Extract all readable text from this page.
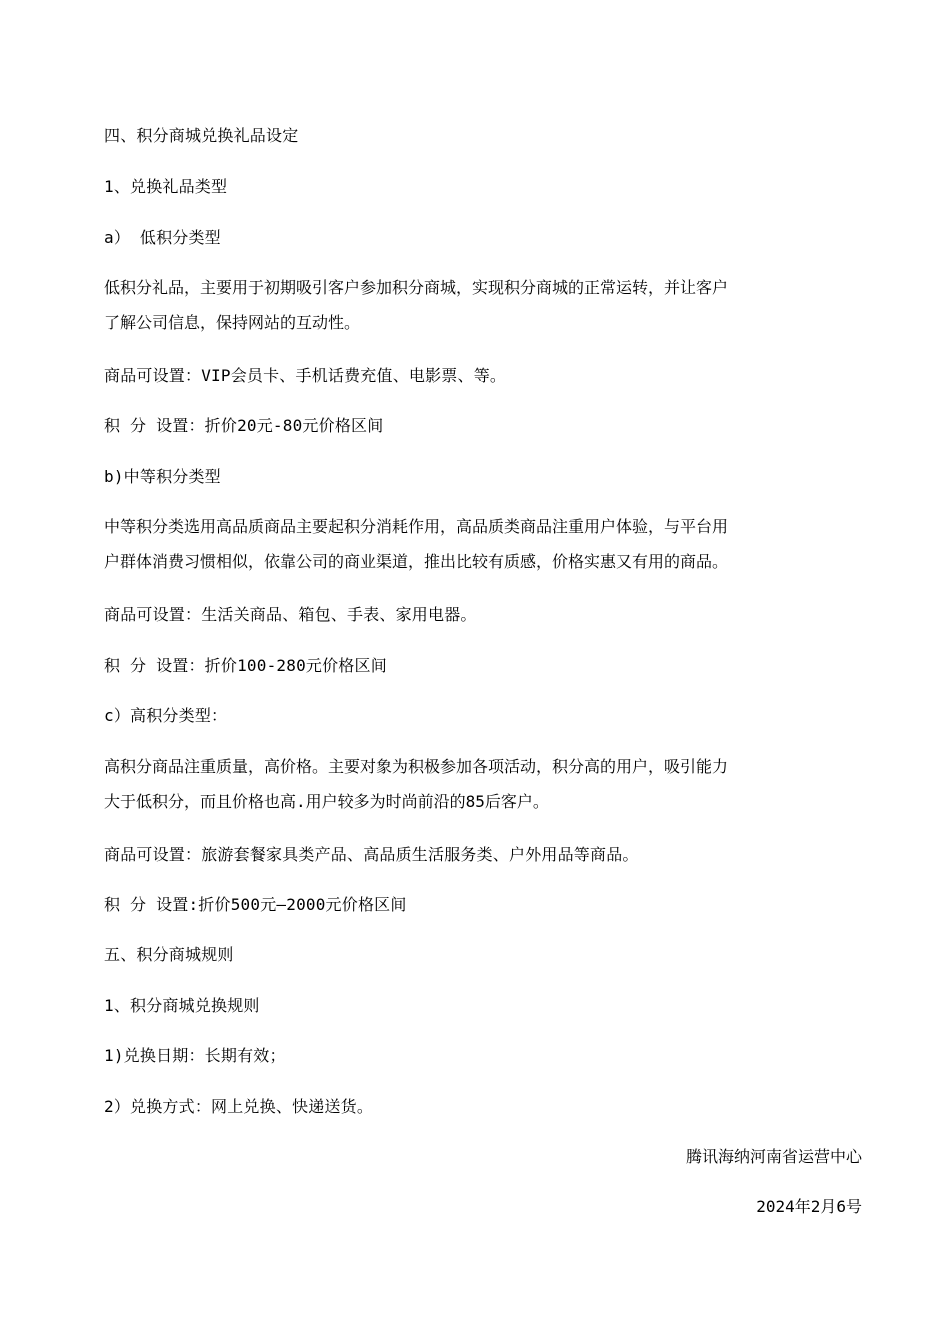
四、积分商城兑换礼品设定
1、兑换礼品类型
a） 低积分类型
低积分礼品，主要用于初期吸引客户参加积分商城，实现积分商城的正常运转，并让客户
了解公司信息，保持网站的互动性。
商品可设置：VIP会员卡、手机话费充值、电影票、等。
积 分 设置：折价20元-80元价格区间
b)中等积分类型
中等积分类选用高品质商品主要起积分消耗作用，高品质类商品注重用户体验，与平台用
户群体消费习惯相似，依靠公司的商业渠道，推出比较有质感，价格实惠又有用的商品。
商品可设置：生活关商品、箱包、手表、家用电器。
积 分 设置：折价100-280元价格区间
c）高积分类型：
高积分商品注重质量，高价格。主要对象为积极参加各项活动，积分高的用户，吸引能力
大于低积分，而且价格也高.用户较多为时尚前沿的85后客户。
商品可设置：旅游套餐家具类产品、高品质生活服务类、户外用品等商品。
积 分 设置:折价500元—2000元价格区间
五、积分商城规则
1、积分商城兑换规则
1)兑换日期：长期有效；
2）兑换方式：网上兑换、快递送货。
腾讯海纳河南省运营中心
2024年2月6号
